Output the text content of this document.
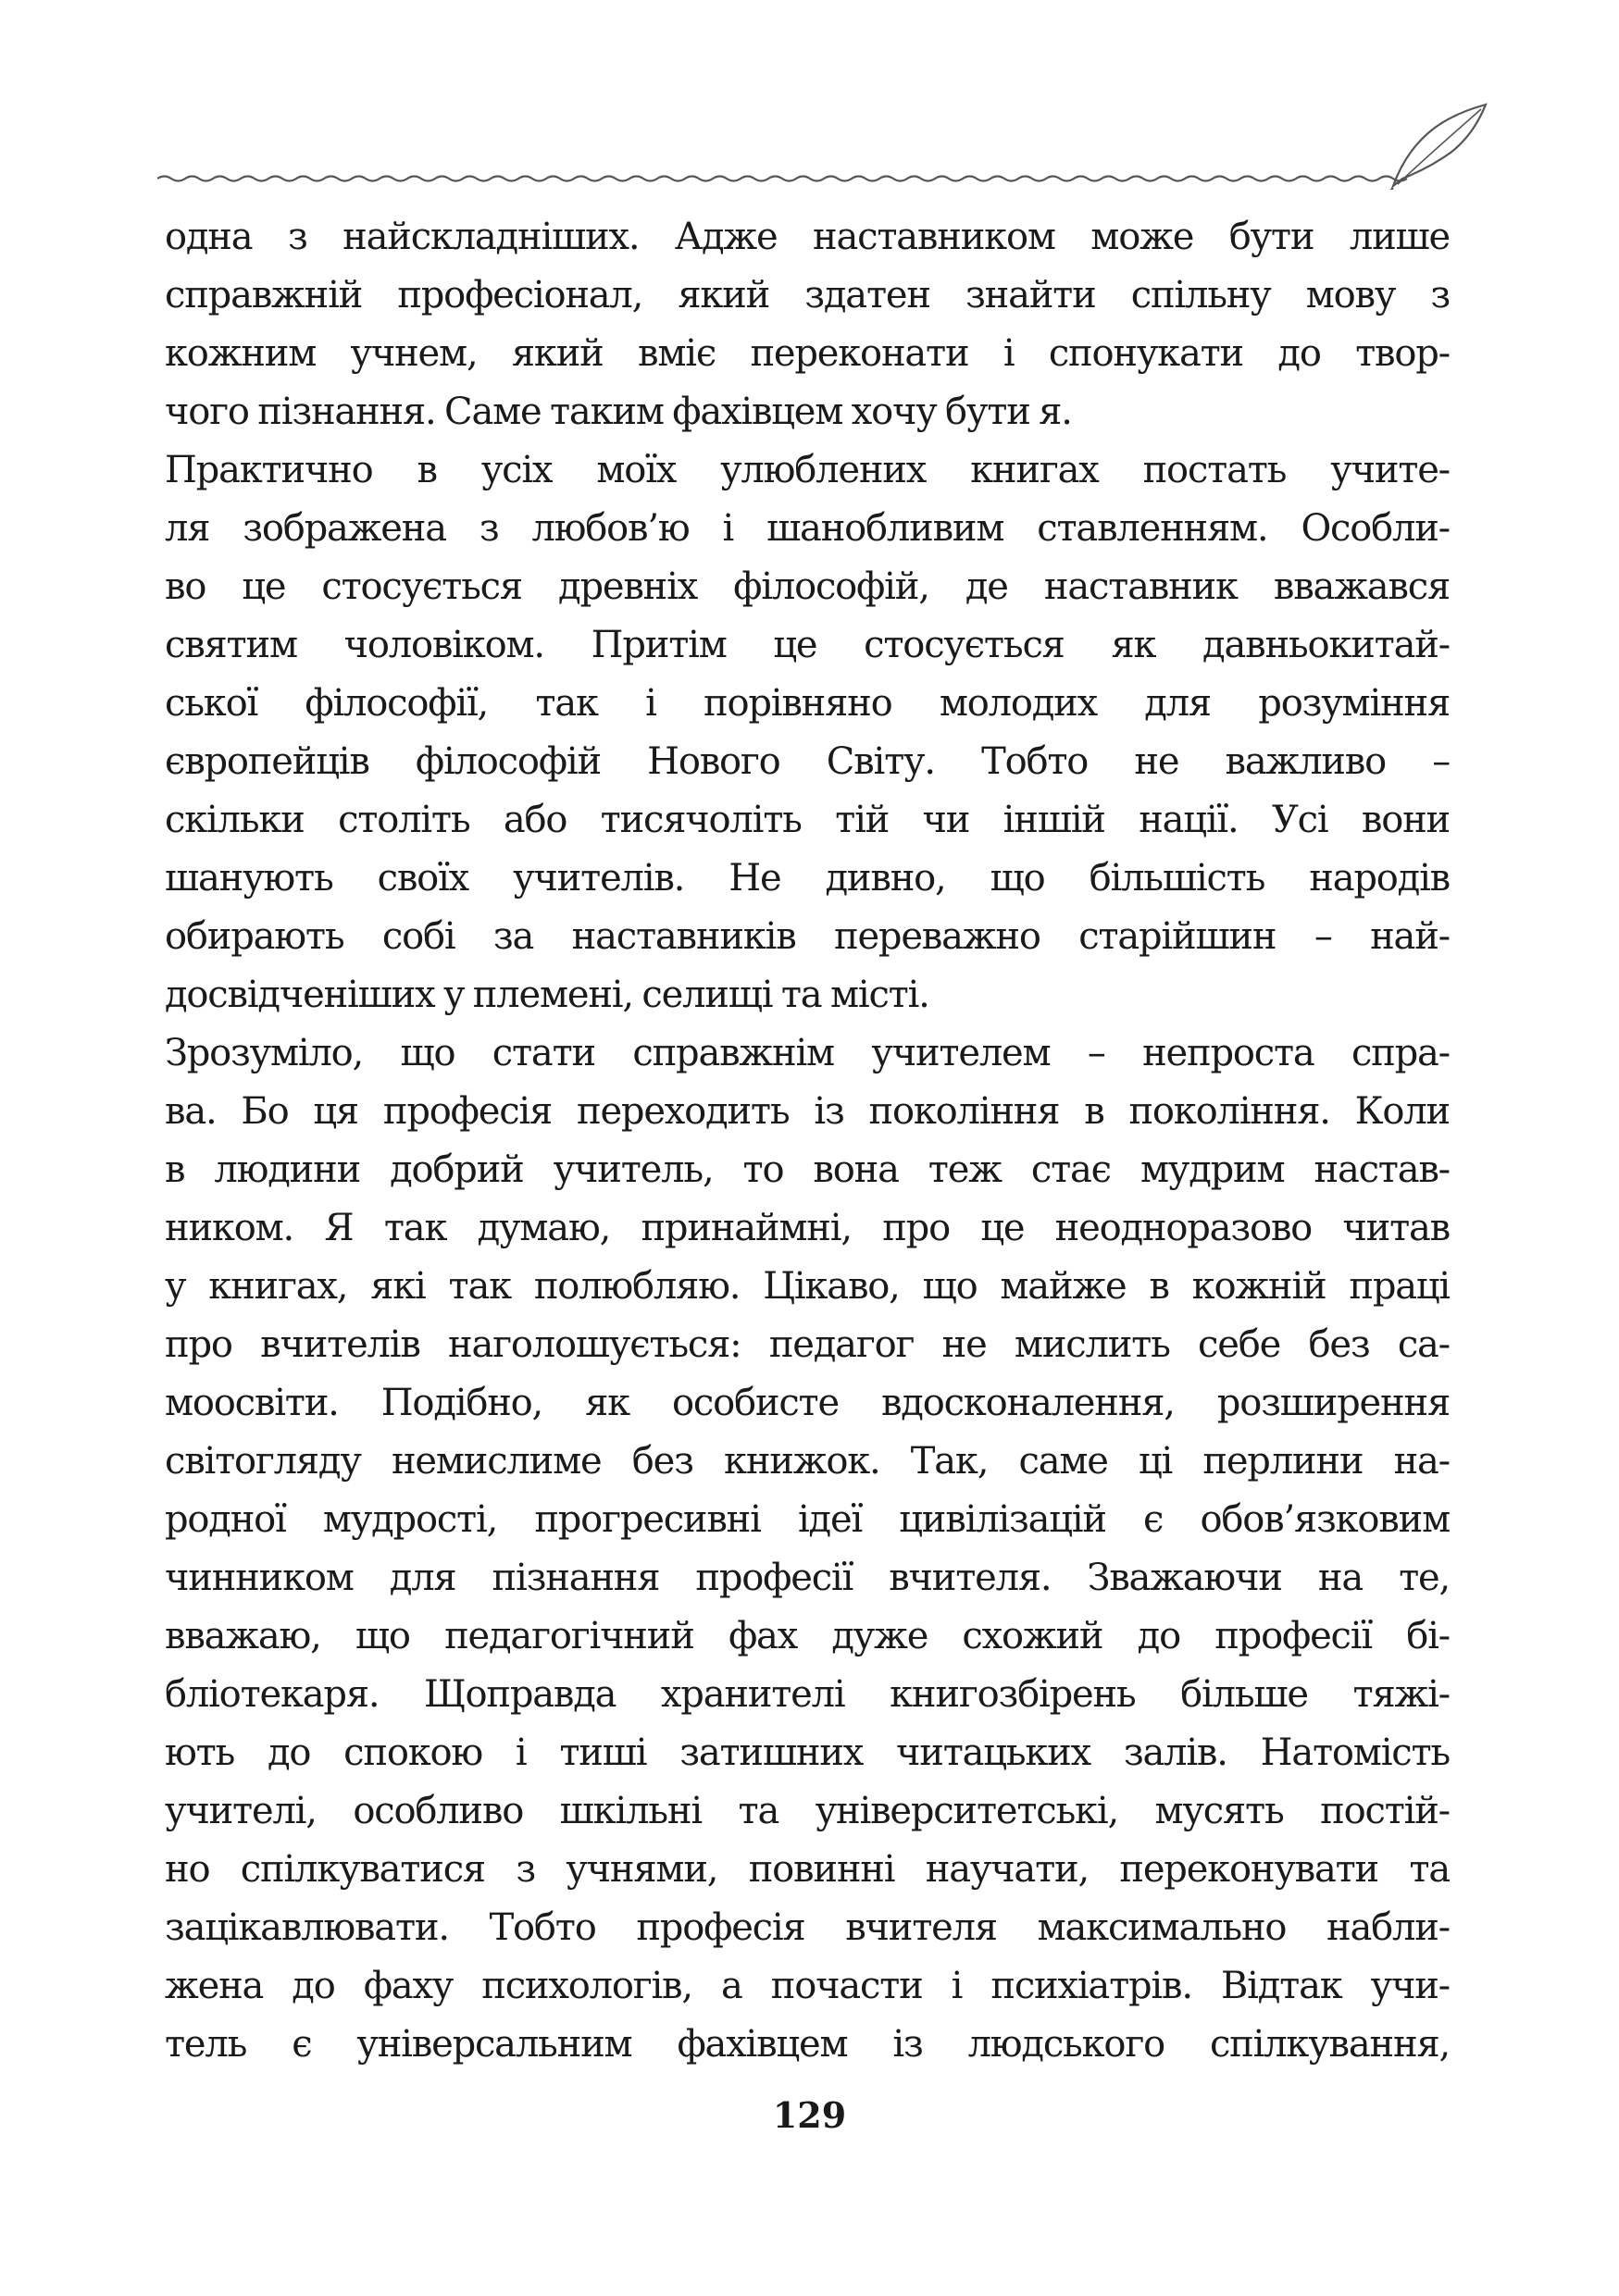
одна з найскладніших. Адже наставником може бути лише
справжній професіонал, який здатен знайти спільну мову з
кожним учнем, який вміє переконати і спонукати до твор-
чого пізнання. Саме таким фахівцем хочу бути я.
Практично в усіх моїх улюблених книгах постать учите-
ля зображена з любов’ю і шанобливим ставленням. Особли-
во це стосується древніх філософій, де наставник вважався
святим чоловіком. Притім це стосується як давньокитай-
ської філософії, так і порівняно молодих для розуміння
європейців філософій Нового Світу. Тобто не важливо –
скільки століть або тисячоліть тій чи іншій нації. Усі вони
шанують своїх учителів. Не дивно, що більшість народів
обирають собі за наставників переважно старійшин – най-
досвідченіших у племені, селищі та місті.
Зрозуміло, що стати справжнім учителем – непроста спра-
ва. Бо ця професія переходить із покоління в покоління. Коли
в людини добрий учитель, то вона теж стає мудрим настав-
ником. Я так думаю, принаймні, про це неодноразово читав
у книгах, які так полюбляю. Цікаво, що майже в кожній праці
про вчителів наголошується: педагог не мислить себе без са-
моосвіти. Подібно, як особисте вдосконалення, розширення
світогляду немислиме без книжок. Так, саме ці перлини на-
родної мудрості, прогресивні ідеї цивілізацій є обов’язковим
чинником для пізнання професії вчителя. Зважаючи на те,
вважаю, що педагогічний фах дуже схожий до професії бі-
бліотекаря. Щоправда хранителі книгозбірень більше тяжі-
ють до спокою і тиші затишних читацьких залів. Натомість
учителі, особливо шкільні та університетські, мусять постій-
но спілкуватися з учнями, повинні научати, переконувати та
зацікавлювати. Тобто професія вчителя максимально набли-
жена до фаху психологів, а почасти і психіатрів. Відтак учи-
тель є універсальним фахівцем із людського спілкування,
129
